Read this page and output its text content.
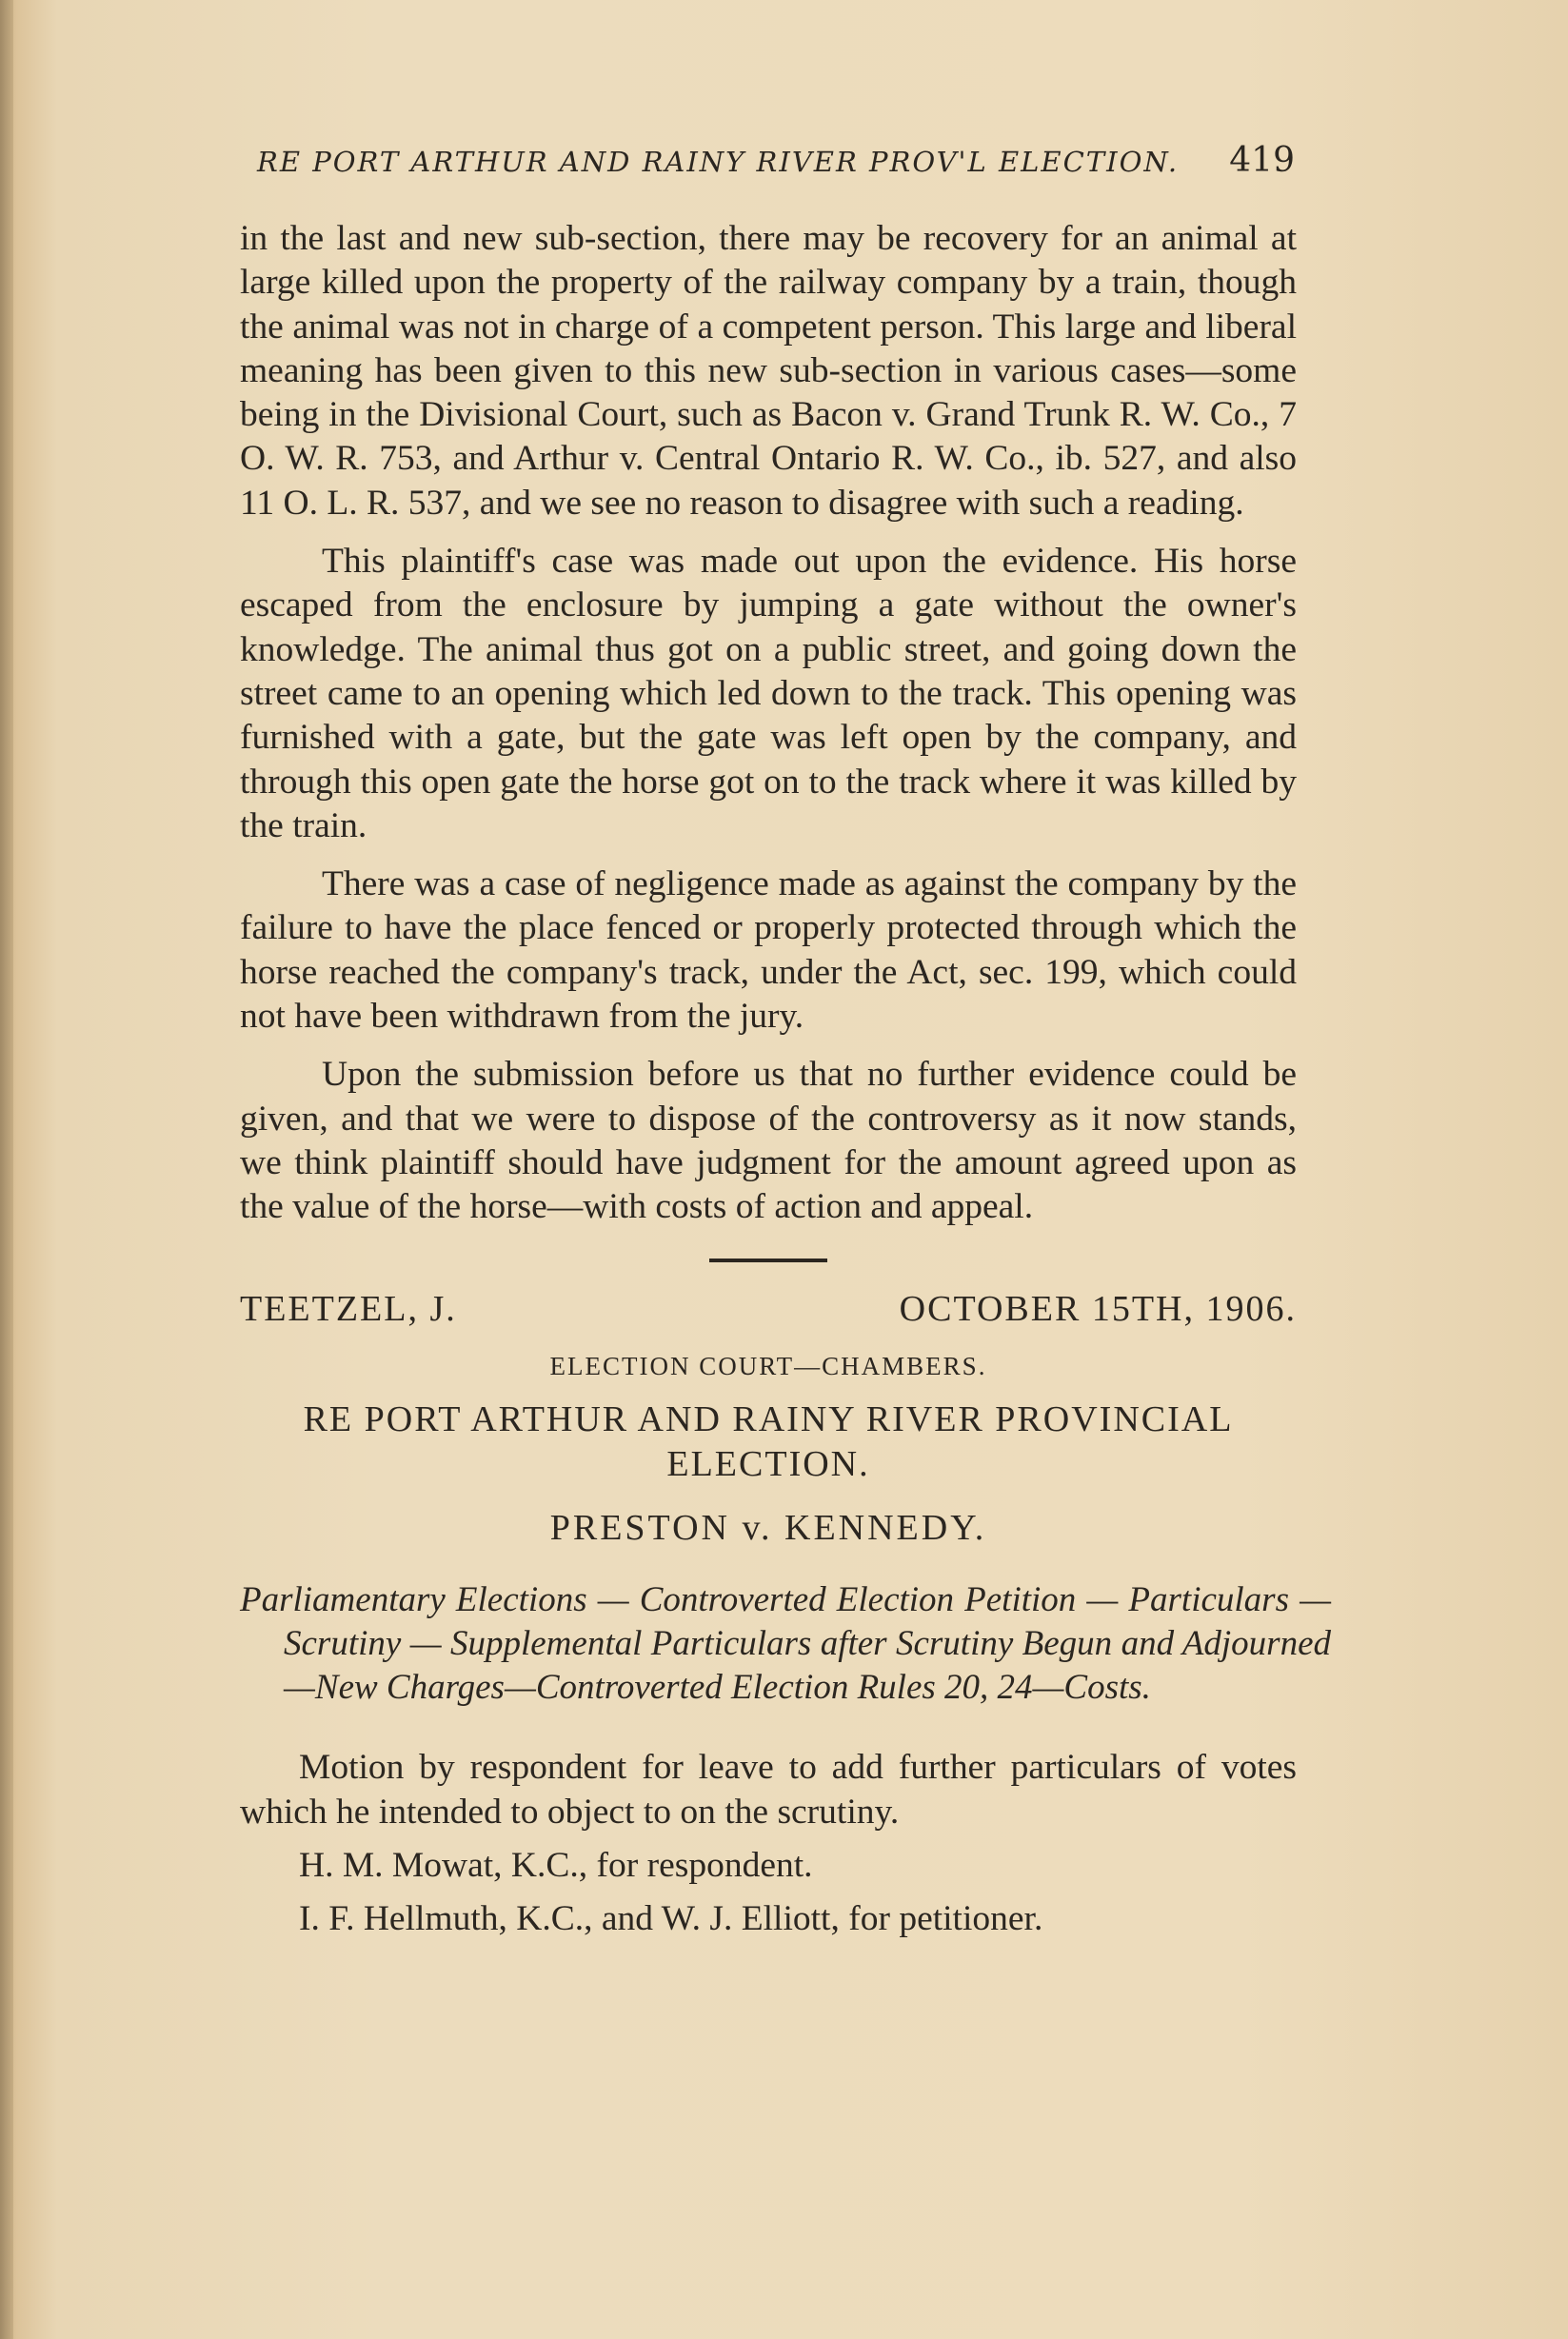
RE PORT ARTHUR AND RAINY RIVER PROV'L ELECTION. 419

in the last and new sub-section, there may be recovery for an animal at large killed upon the property of the railway company by a train, though the animal was not in charge of a competent person. This large and liberal meaning has been given to this new sub-section in various cases—some being in the Divisional Court, such as Bacon v. Grand Trunk R. W. Co., 7 O. W. R. 753, and Arthur v. Central Ontario R. W. Co., ib. 527, and also 11 O. L. R. 537, and we see no reason to disagree with such a reading.

This plaintiff's case was made out upon the evidence. His horse escaped from the enclosure by jumping a gate without the owner's knowledge. The animal thus got on a public street, and going down the street came to an opening which led down to the track. This opening was furnished with a gate, but the gate was left open by the company, and through this open gate the horse got on to the track where it was killed by the train.

There was a case of negligence made as against the company by the failure to have the place fenced or properly protected through which the horse reached the company's track, under the Act, sec. 199, which could not have been withdrawn from the jury.

Upon the submission before us that no further evidence could be given, and that we were to dispose of the controversy as it now stands, we think plaintiff should have judgment for the amount agreed upon as the value of the horse—with costs of action and appeal.

TEETZEL, J.	OCTOBER 15TH, 1906.
ELECTION COURT—CHAMBERS.
RE PORT ARTHUR AND RAINY RIVER PROVINCIAL ELECTION.
PRESTON v. KENNEDY.
Parliamentary Elections — Controverted Election Petition — Particulars — Scrutiny — Supplemental Particulars after Scrutiny Begun and Adjourned—New Charges—Controverted Election Rules 20, 24—Costs.

Motion by respondent for leave to add further particulars of votes which he intended to object to on the scrutiny.

H. M. Mowat, K.C., for respondent.

I. F. Hellmuth, K.C., and W. J. Elliott, for petitioner.
